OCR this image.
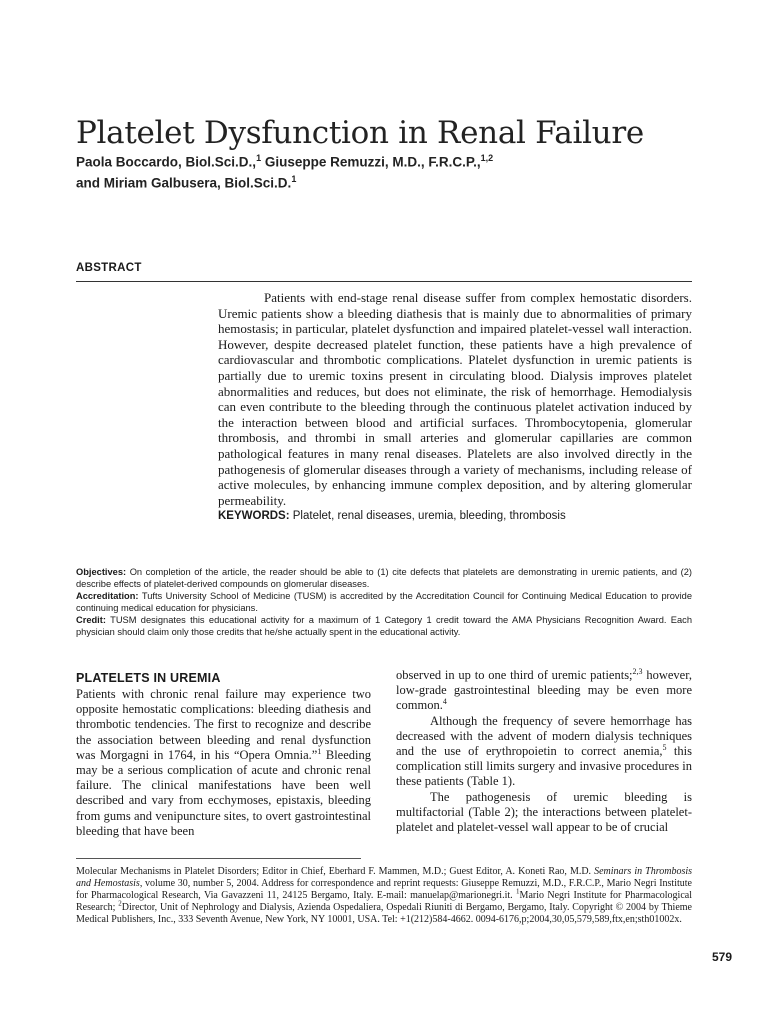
Platelet Dysfunction in Renal Failure
Paola Boccardo, Biol.Sci.D.,$^1$ Giuseppe Remuzzi, M.D., F.R.C.P.,$^{1,2}$
and Miriam Galbusera, Biol.Sci.D.$^1$
ABSTRACT

Patients with end-stage renal disease suffer from complex hemostatic disorders. Uremic patients show a bleeding diathesis that is mainly due to abnormalities of primary hemostasis; in particular, platelet dysfunction and impaired platelet-vessel wall interaction. However, despite decreased platelet function, these patients have a high prevalence of cardiovascular and thrombotic complications. Platelet dysfunction in uremic patients is partially due to uremic toxins present in circulating blood. Dialysis improves platelet abnormalities and reduces, but does not eliminate, the risk of hemorrhage. Hemodialysis can even contribute to the bleeding through the continuous platelet activation induced by the interaction between blood and artificial surfaces. Thrombocytopenia, glomerular thrombosis, and thrombi in small arteries and glomerular capillaries are common pathological features in many renal diseases. Platelets are also involved directly in the pathogenesis of glomerular diseases through a variety of mechanisms, including release of active molecules, by enhancing immune complex deposition, and by altering glomerular permeability.

KEYWORDS: Platelet, renal diseases, uremia, bleeding, thrombosis

Objectives: On completion of the article, the reader should be able to (1) cite defects that platelets are demonstrating in uremic patients, and (2) describe effects of platelet-derived compounds on glomerular diseases.

Accreditation: Tufts University School of Medicine (TUSM) is accredited by the Accreditation Council for Continuing Medical Education to provide continuing medical education for physicians.

Credit: TUSM designates this educational activity for a maximum of 1 Category 1 credit toward the AMA Physicians Recognition Award. Each physician should claim only those credits that he/she actually spent in the educational activity.

PLATELETS IN UREMIA

Patients with chronic renal failure may experience two opposite hemostatic complications: bleeding diathesis and thrombotic tendencies. The first to recognize and describe the association between bleeding and renal dysfunction was Morgagni in 1764, in his “Opera Omnia.”$^1$ Bleeding may be a serious complication of acute and chronic renal failure. The clinical manifestations have been well described and vary from ecchymoses, epistaxis, bleeding from gums and venipuncture sites, to overt gastrointestinal bleeding that have been

observed in up to one third of uremic patients;$^{2,3}$ however, low-grade gastrointestinal bleeding may be even more common.$^4$

Although the frequency of severe hemorrhage has decreased with the advent of modern dialysis techniques and the use of erythropoietin to correct anemia,$^5$ this complication still limits surgery and invasive procedures in these patients (Table 1).

The pathogenesis of uremic bleeding is multifactorial (Table 2); the interactions between platelet-platelet and platelet-vessel wall appear to be of crucial

Molecular Mechanisms in Platelet Disorders; Editor in Chief, Eberhard F. Mammen, M.D.; Guest Editor, A. Koneti Rao, M.D. Seminars in Thrombosis and Hemostasis, volume 30, number 5, 2004. Address for correspondence and reprint requests: Giuseppe Remuzzi, M.D., F.R.C.P., Mario Negri Institute for Pharmacological Research, Via Gavazzeni 11, 24125 Bergamo, Italy. E-mail: manuelap@marionegri.it. $^1$Mario Negri Institute for Pharmacological Research; $^2$Director, Unit of Nephrology and Dialysis, Azienda Ospedaliera, Ospedali Riuniti di Bergamo, Bergamo, Italy. Copyright © 2004 by Thieme Medical Publishers, Inc., 333 Seventh Avenue, New York, NY 10001, USA. Tel: +1(212)584-4662. 0094-6176,p;2004,30,05,579,589,ftx,en;sth01002x.

579
